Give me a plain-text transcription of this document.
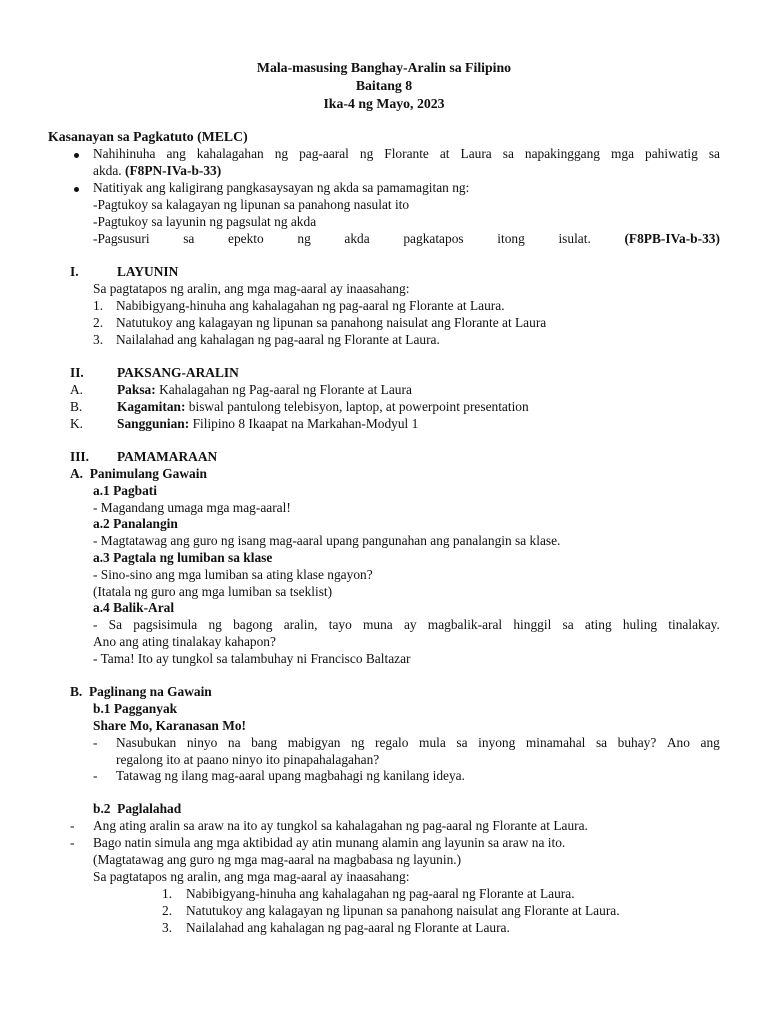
Mala-masusing Banghay-Aralin sa Filipino
Baitang 8
Ika-4 ng Mayo, 2023
Kasanayan sa Pagkatuto (MELC)
Nahihinuha ang kahalagahan ng pag-aaral ng Florante at Laura sa napakinggang mga pahiwatig sa
akda. (F8PN-IVa-b-33)
Natitiyak ang kaligirang pangkasaysayan ng akda sa pamamagitan ng:
-Pagtukoy sa kalagayan ng lipunan sa panahong nasulat ito
-Pagtukoy sa layunin ng pagsulat ng akda
-Pagsusuri	sa	epekto	ng	akda	pagkatapos	itong	isulat.	(F8PB-IVa-b-33)
I.	LAYUNIN
Sa pagtatapos ng aralin, ang mga mag-aaral ay inaasahang:
1. Nabibigyang-hinuha ang kahalagahan ng pag-aaral ng Florante at Laura.
2. Natutukoy ang kalagayan ng lipunan sa panahong naisulat ang Florante at Laura
3. Nailalahad ang kahalagan ng pag-aaral ng Florante at Laura.
II. PAKSANG-ARALIN
A.	Paksa: Kahalagahan ng Pag-aaral ng Florante at Laura
B.	Kagamitan: biswal pantulong telebisyon, laptop, at powerpoint presentation
K.	Sanggunian: Filipino 8 Ikaapat na Markahan-Modyul 1
III. PAMAMARAAN
A.  Panimulang Gawain
a.1 Pagbati
- Magandang umaga mga mag-aaral!
a.2 Panalangin
- Magtatawag ang guro ng isang mag-aaral upang pangunahan ang panalangin sa klase.
a.3 Pagtala ng lumiban sa klase
- Sino-sino ang mga lumiban sa ating klase ngayon?
(Itatala ng guro ang mga lumiban sa tseklist)
a.4 Balik-Aral
- Sa pagsisimula ng bagong aralin, tayo muna ay magbalik-aral hinggil sa ating huling tinalakay.
Ano ang ating tinalakay kahapon?
- Tama! Ito ay tungkol sa talambuhay ni Francisco Baltazar
B.  Paglinang na Gawain
b.1 Pagganyak
Share Mo, Karanasan Mo!
- Nasubukan ninyo na bang mabigyan ng regalo mula sa inyong minamahal sa buhay? Ano ang
regalong ito at paano ninyo ito pinapahalagahan?
- Tatawag ng ilang mag-aaral upang magbahagi ng kanilang ideya.
b.2  Paglalahad
- Ang ating aralin sa araw na ito ay tungkol sa kahalagahan ng pag-aaral ng Florante at Laura.
- Bago natin simula ang mga aktibidad ay atin munang alamin ang layunin sa araw na ito.
(Magtatawag ang guro ng mga mag-aaral na magbabasa ng layunin.)
Sa pagtatapos ng aralin, ang mga mag-aaral ay inaasahang:
1. Nabibigyang-hinuha ang kahalagahan ng pag-aaral ng Florante at Laura.
2. Natutukoy ang kalagayan ng lipunan sa panahong naisulat ang Florante at Laura.
3. Nailalahad ang kahalagan ng pag-aaral ng Florante at Laura.
